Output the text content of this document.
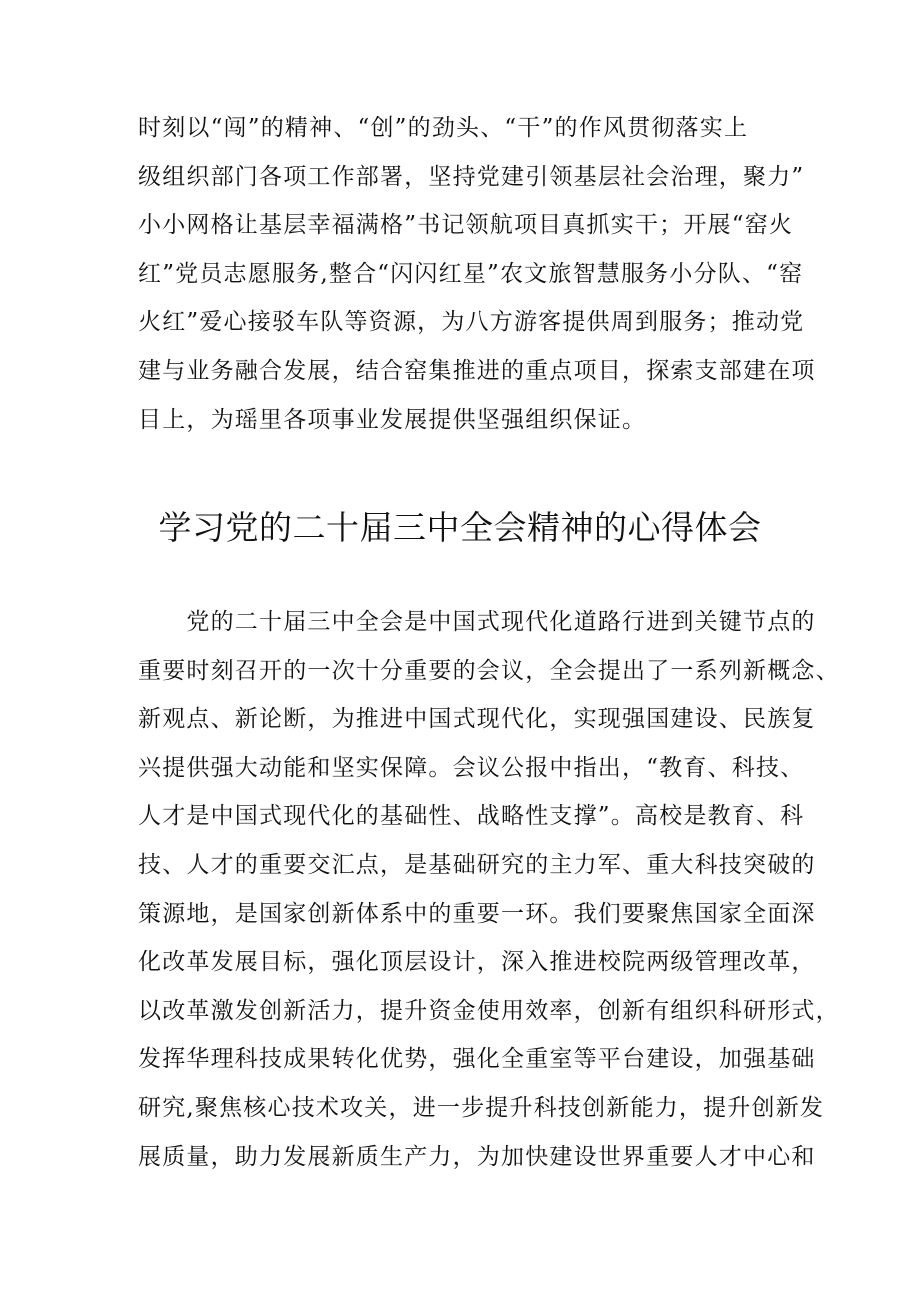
时刻以“闯”的精神、“创”的劲头、“干”的作风贯彻落实上
级组织部门各项工作部署，坚持党建引领基层社会治理，聚力”
小小网格让基层幸福满格”书记领航项目真抓实干；开展“窑火
红”党员志愿服务,整合“闪闪红星”农文旅智慧服务小分队、“窑
火红”爱心接驳车队等资源，为八方游客提供周到服务；推动党
建与业务融合发展，结合窑集推进的重点项目，探索支部建在项
目上，为瑶里各项事业发展提供坚强组织保证。
学习党的二十届三中全会精神的心得体会
　　党的二十届三中全会是中国式现代化道路行进到关键节点的
重要时刻召开的一次十分重要的会议，全会提出了一系列新概念、
新观点、新论断，为推进中国式现代化，实现强国建设、民族复
兴提供强大动能和坚实保障。会议公报中指出，“教育、科技、
人才是中国式现代化的基础性、战略性支撑”。高校是教育、科
技、人才的重要交汇点，是基础研究的主力军、重大科技突破的
策源地，是国家创新体系中的重要一环。我们要聚焦国家全面深
化改革发展目标，强化顶层设计，深入推进校院两级管理改革，
以改革激发创新活力，提升资金使用效率，创新有组织科研形式，
发挥华理科技成果转化优势，强化全重室等平台建设，加强基础
研究,聚焦核心技术攻关，进一步提升科技创新能力，提升创新发
展质量，助力发展新质生产力，为加快建设世界重要人才中心和
